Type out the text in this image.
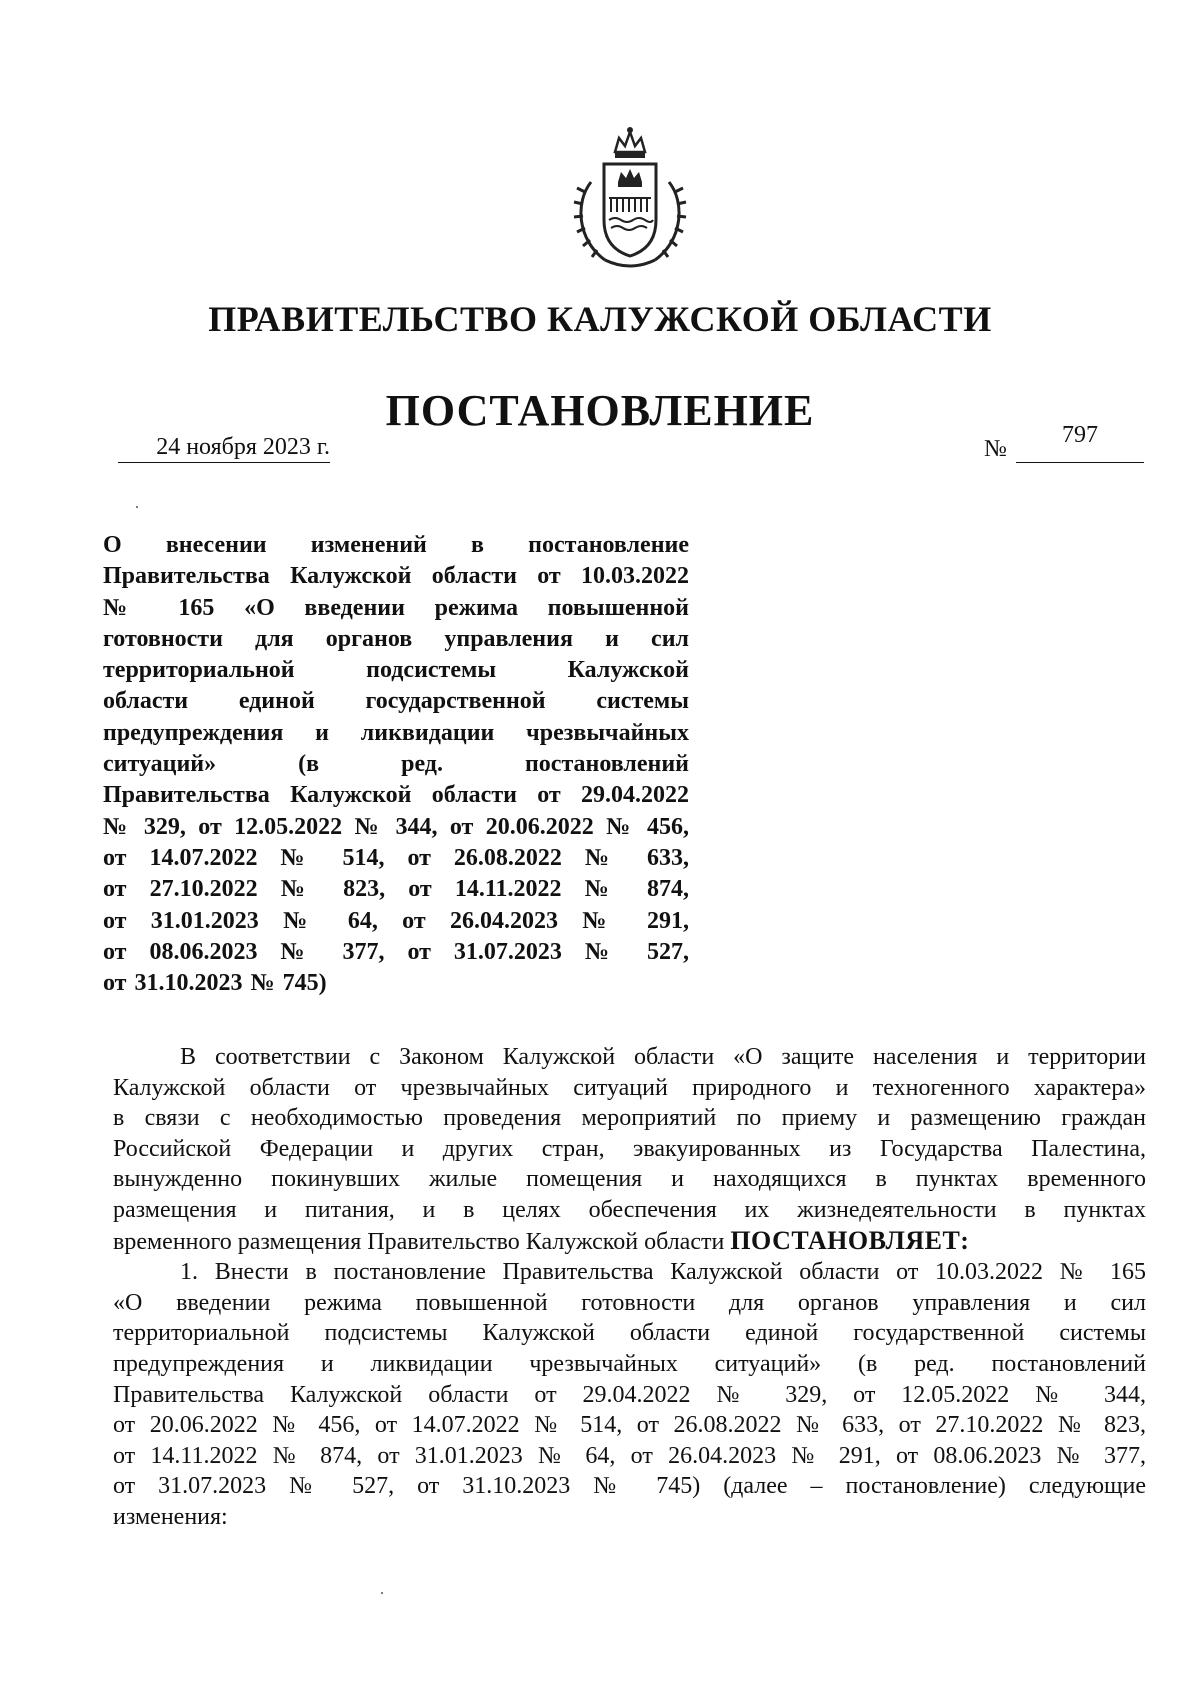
ПРАВИТЕЛЬСТВО КАЛУЖСКОЙ ОБЛАСТИ
ПОСТАНОВЛЕНИЕ
24 ноября 2023 г.	№
797
О внесении изменений в постановление
Правительства Калужской области от 10.03.2022
№ 165 «О введении режима повышенной
готовности для органов управления и сил
территориальной подсистемы Калужской
области единой государственной системы
предупреждения и ликвидации чрезвычайных
ситуаций» (в ред. постановлений
Правительства Калужской области от 29.04.2022
№ 329, от 12.05.2022 № 344, от 20.06.2022 № 456,
от 14.07.2022 № 514, от 26.08.2022 № 633,
от 27.10.2022 № 823, от 14.11.2022 № 874,
от 31.01.2023 № 64, от 26.04.2023 № 291,
от 08.06.2023 № 377, от 31.07.2023 № 527,
от 31.10.2023 № 745)
В соответствии с Законом Калужской области «О защите населения и территории
Калужской области от чрезвычайных ситуаций природного и техногенного характера»
в связи с необходимостью проведения мероприятий по приему и размещению граждан
Российской Федерации и других стран, эвакуированных из Государства Палестина,
вынужденно покинувших жилые помещения и находящихся в пунктах временного
размещения и питания, и в целях обеспечения их жизнедеятельности в пунктах
временного размещения Правительство Калужской области ПОСТАНОВЛЯЕТ:
1. Внести в постановление Правительства Калужской области от 10.03.2022 № 165
«О введении режима повышенной готовности для органов управления и сил
территориальной подсистемы Калужской области единой государственной системы
предупреждения и ликвидации чрезвычайных ситуаций» (в ред. постановлений
Правительства Калужской области от 29.04.2022 № 329, от 12.05.2022 № 344,
от 20.06.2022 № 456, от 14.07.2022 № 514, от 26.08.2022 № 633, от 27.10.2022 № 823,
от 14.11.2022 № 874, от 31.01.2023 № 64, от 26.04.2023 № 291, от 08.06.2023 № 377,
от 31.07.2023 № 527, от 31.10.2023 № 745) (далее – постановление) следующие
изменения:
